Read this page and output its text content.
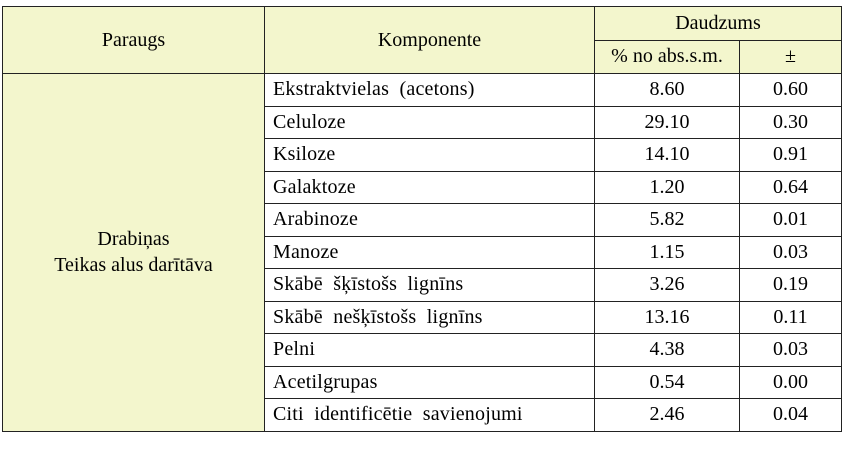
Paraugs	Komponente	Daudzums	
		% no abs.s.m.	±
Drabiņas
Teikas alus darītāva	Ekstraktvielas  (acetons)	8.60	0.60
	Celuloze	29.10	0.30
	Ksiloze	14.10	0.91
	Galaktoze	1.20	0.64
	Arabinoze	5.82	0.01
	Manoze	1.15	0.03
	Skābē  šķīstošs  lignīns	3.26	0.19
	Skābē  nešķīstošs  lignīns	13.16	0.11
	Pelni	4.38	0.03
	Acetilgrupas	0.54	0.00
	Citi  identificētie  savienojumi	2.46	0.04
